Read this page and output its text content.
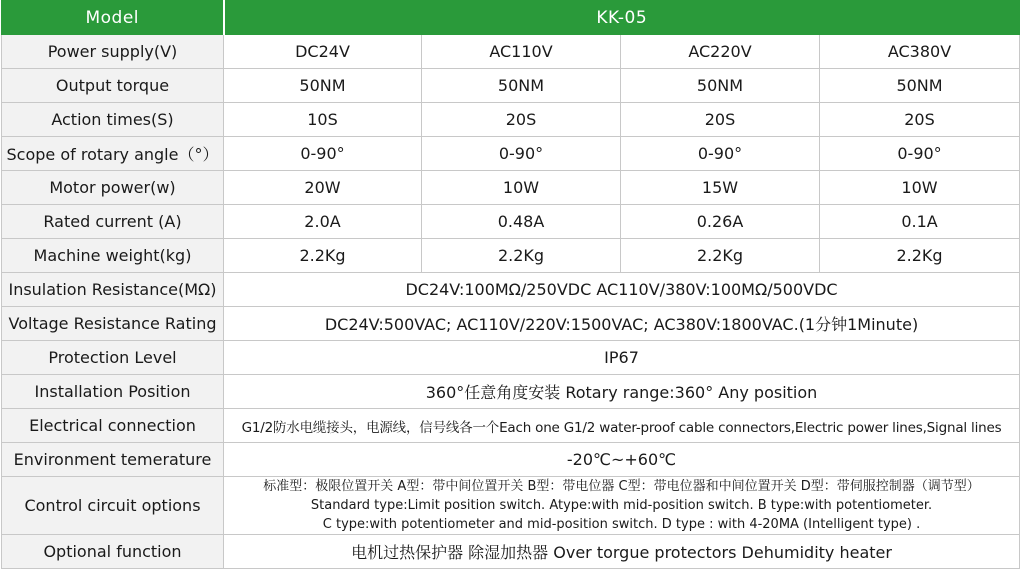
Model	KK-05			
Power supply(V)	DC24V	AC110V	AC220V	AC380V
Output torque	50NM	50NM	50NM	50NM
Action times(S)	10S	20S	20S	20S
Scope of rotary angle（°）	0-90°	0-90°	0-90°	0-90°
Motor power(w)	20W	10W	15W	10W
Rated current (A)	2.0A	0.48A	0.26A	0.1A
Machine weight(kg)	2.2Kg	2.2Kg	2.2Kg	2.2Kg
Insulation Resistance(MΩ)	DC24V:100MΩ/250VDC AC110V/380V:100MΩ/500VDC			
Voltage Resistance Rating	DC24V:500VAC; AC110V/220V:1500VAC; AC380V:1800VAC.(1分钟1Minute)			
Protection Level	IP67			
Installation Position	360°任意角度安装 Rotary range:360° Any position			
Electrical connection	G1/2防水电缆接头，电源线，信号线各一个Each one G1/2 water-proof cable connectors,Electric power lines,Signal lines			
Environment temerature	-20℃~+60℃			
Control circuit options	标准型：极限位置开关 A型：带中间位置开关 B型：带电位器 C型：带电位器和中间位置开关 D型：带伺服控制器（调节型）
Standard type:Limit position switch. Atype:with mid-position switch. B type:with potentiometer.
C type:with potentiometer and mid-position switch. D type : with 4-20MA (Intelligent type) .			

Optional function	电机过热保护器 除湿加热器 Over torgue protectors Dehumidity heater			
